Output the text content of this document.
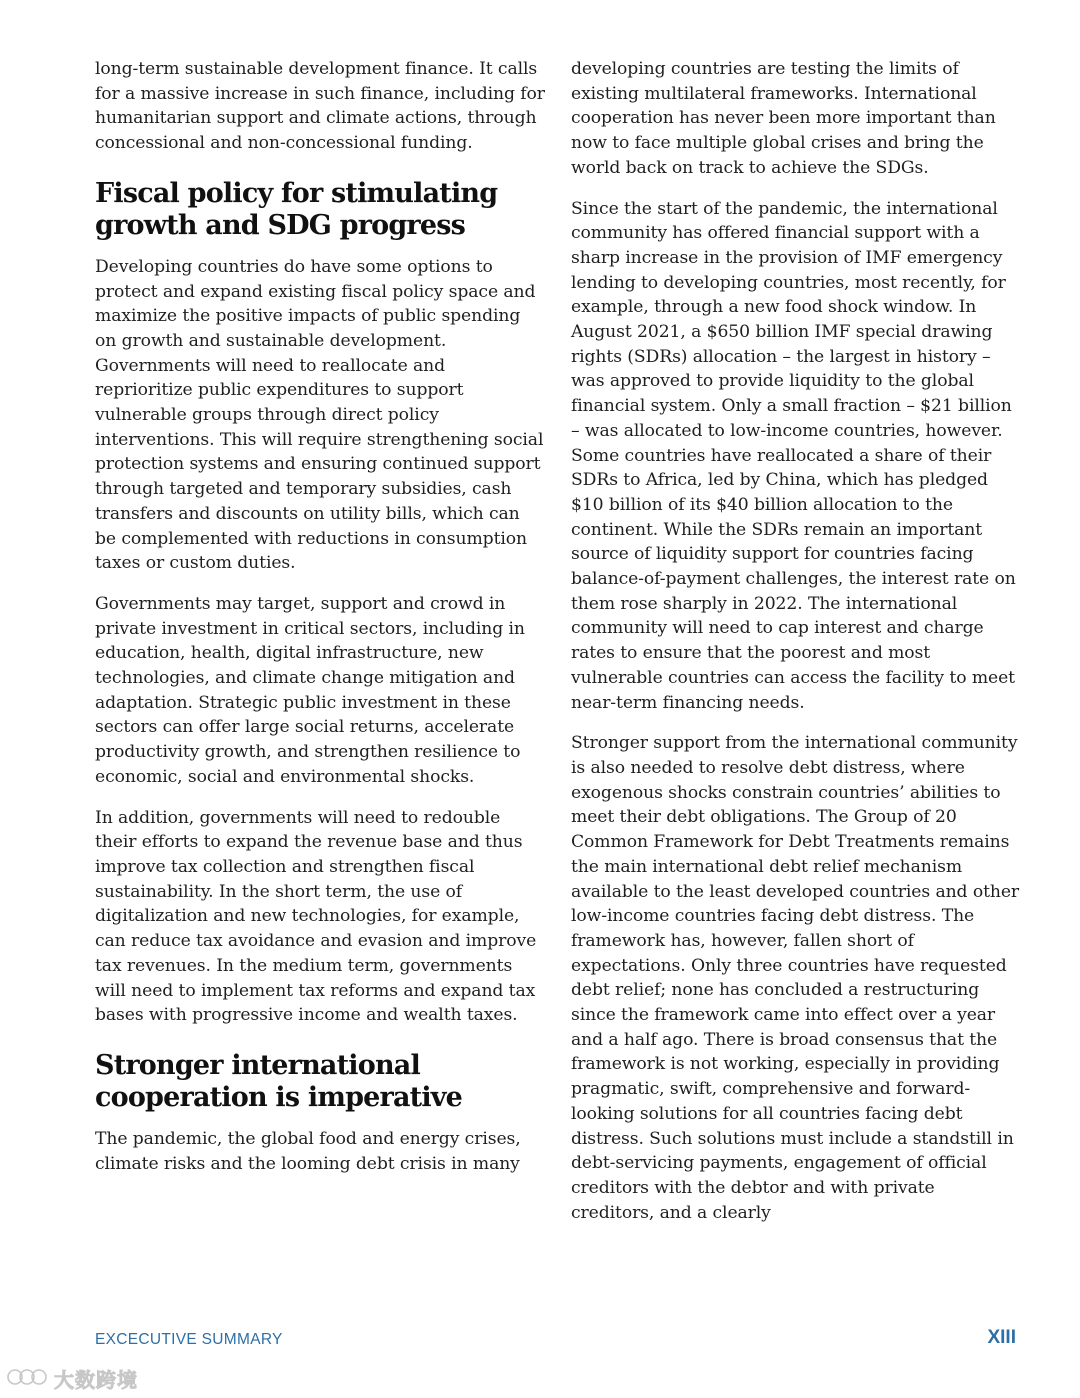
long-term sustainable development finance. It calls for a massive increase in such finance, including for humanitarian support and climate actions, through concessional and non-concessional funding.

Fiscal policy for stimulating growth and SDG progress

Developing countries do have some options to protect and expand existing fiscal policy space and maximize the positive impacts of public spending on growth and sustainable development. Governments will need to reallocate and reprioritize public expenditures to support vulnerable groups through direct policy interventions. This will require strengthening social protection systems and ensuring continued support through targeted and temporary subsidies, cash transfers and discounts on utility bills, which can be complemented with reductions in consumption taxes or custom duties.

Governments may target, support and crowd in private investment in critical sectors, including in education, health, digital infrastructure, new technologies, and climate change mitigation and adaptation. Strategic public investment in these sectors can offer large social returns, accelerate productivity growth, and strengthen resilience to economic, social and environmental shocks.

In addition, governments will need to redouble their efforts to expand the revenue base and thus improve tax collection and strengthen fiscal sustainability. In the short term, the use of digitalization and new technologies, for example, can reduce tax avoidance and evasion and improve tax revenues. In the medium term, governments will need to implement tax reforms and expand tax bases with progressive income and wealth taxes.

Stronger international cooperation is imperative

The pandemic, the global food and energy crises, climate risks and the looming debt crisis in many

developing countries are testing the limits of existing multilateral frameworks. International cooperation has never been more important than now to face multiple global crises and bring the world back on track to achieve the SDGs.

Since the start of the pandemic, the international community has offered financial support with a sharp increase in the provision of IMF emergency lending to developing countries, most recently, for example, through a new food shock window. In August 2021, a $650 billion IMF special drawing rights (SDRs) allocation – the largest in history – was approved to provide liquidity to the global financial system. Only a small fraction – $21 billion – was allocated to low-income countries, however. Some countries have reallocated a share of their SDRs to Africa, led by China, which has pledged $10 billion of its $40 billion allocation to the continent. While the SDRs remain an important source of liquidity support for countries facing balance-of-payment challenges, the interest rate on them rose sharply in 2022. The international community will need to cap interest and charge rates to ensure that the poorest and most vulnerable countries can access the facility to meet near-term financing needs.

Stronger support from the international community is also needed to resolve debt distress, where exogenous shocks constrain countries’ abilities to meet their debt obligations. The Group of 20 Common Framework for Debt Treatments remains the main international debt relief mechanism available to the least developed countries and other low-income countries facing debt distress. The framework has, however, fallen short of expectations. Only three countries have requested debt relief; none has concluded a restructuring since the framework came into effect over a year and a half ago. There is broad consensus that the framework is not working, especially in providing pragmatic, swift, comprehensive and forward-looking solutions for all countries facing debt distress. Such solutions must include a standstill in debt-servicing payments, engagement of official creditors with the debtor and with private creditors, and a clearly

EXCECUTIVE SUMMARY	XIII
大数跨境
